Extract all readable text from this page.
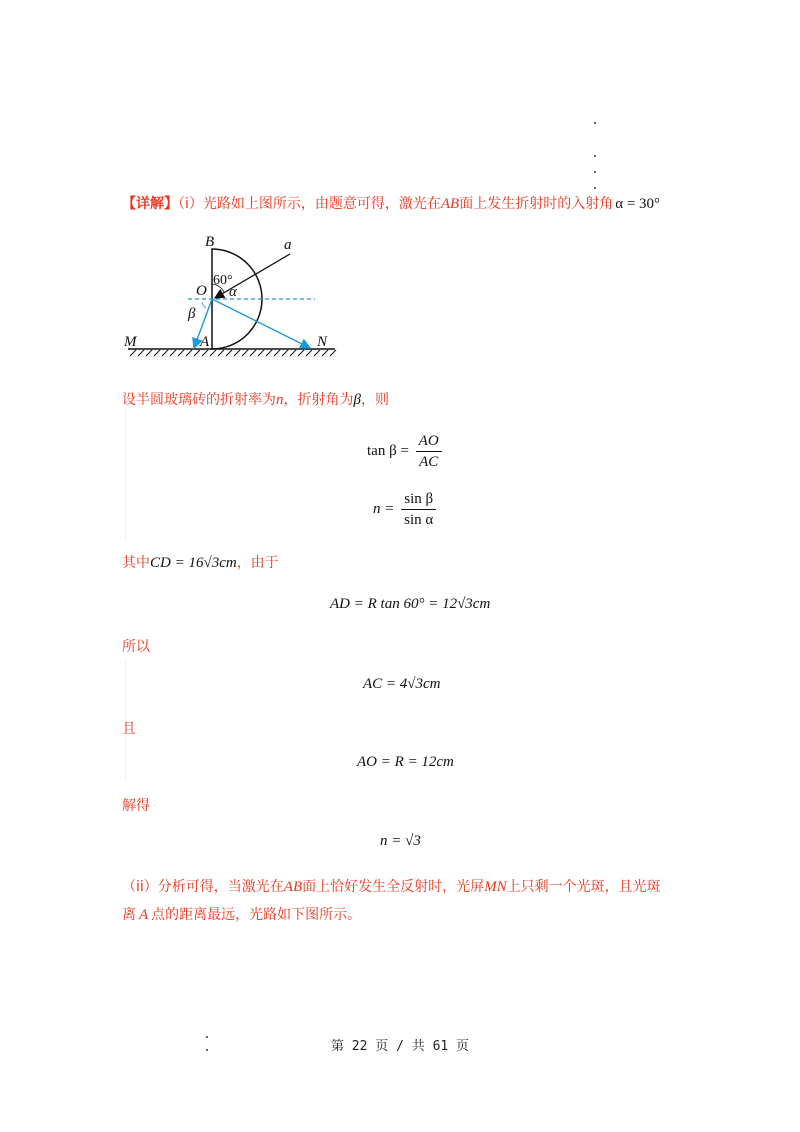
【详解】（i）光路如上图所示，由题意可得，激光在AB面上发生折射时的入射角 α = 30°
B	a
60°
O α
β
M	A	N
设半圆玻璃砖的折射率为n，折射角为β，则
$\tan \beta = \frac{AO}{AC}$
$n = \frac{\text{sin β}}{\text{sin α}}$
其中CD = 16√3cm，由于
AD = R tan 60° = 12√3cm
所以
AC = 4√3cm
且
AO = R = 12cm
解得
n = √3
（ii）分析可得，当激光在AB面上恰好发生全反射时，光屏MN上只剩一个光斑，且光斑
离 A 点的距离最远，光路如下图所示。
第 22 页 / 共 61 页
